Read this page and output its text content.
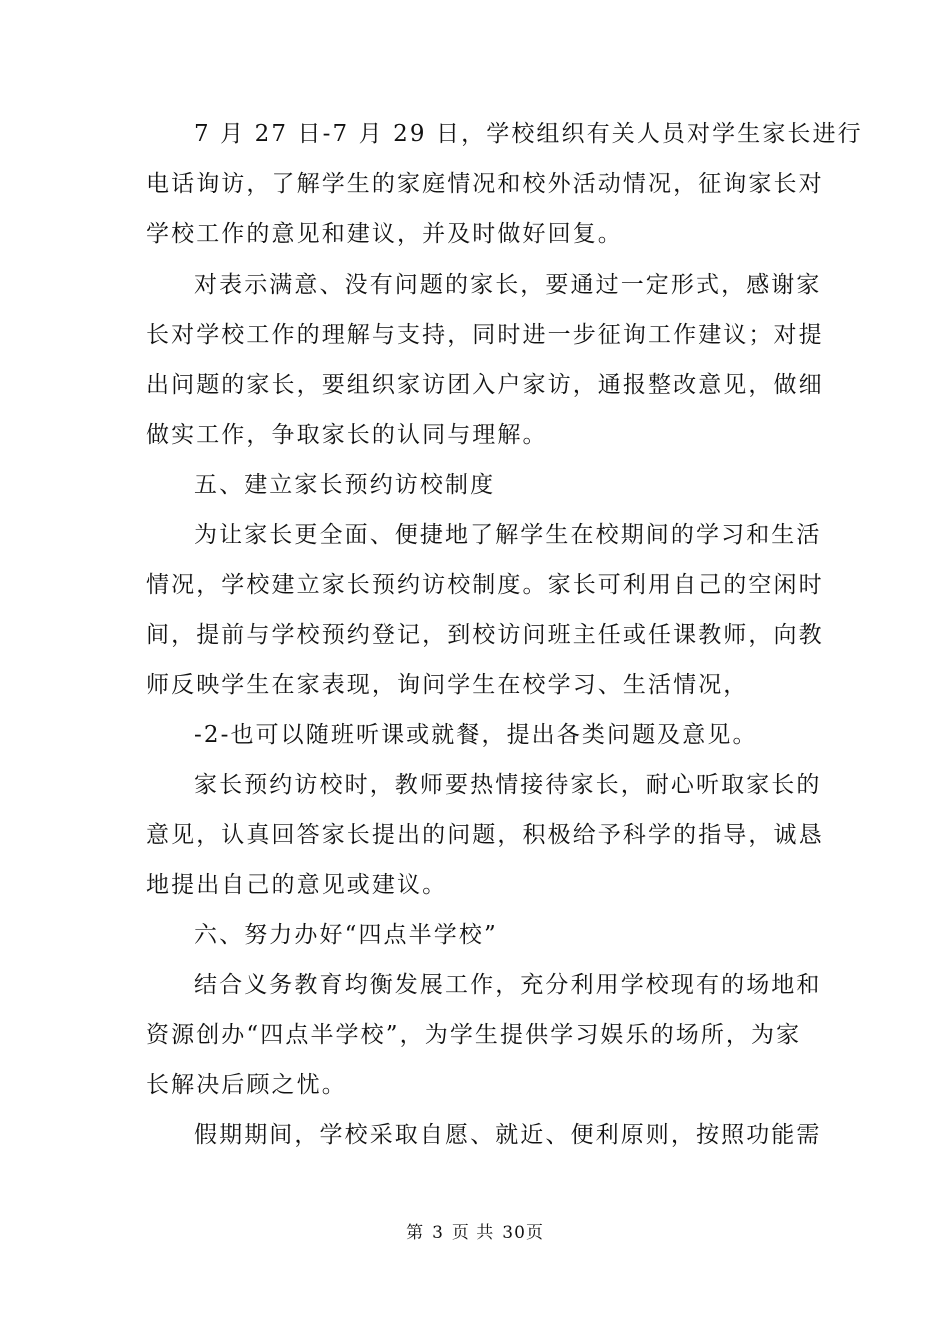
7 月 27 日-7 月 29 日，学校组织有关人员对学生家长进行
电话询访，了解学生的家庭情况和校外活动情况，征询家长对
学校工作的意见和建议，并及时做好回复。
对表示满意、没有问题的家长，要通过一定形式，感谢家
长对学校工作的理解与支持，同时进一步征询工作建议；对提
出问题的家长，要组织家访团入户家访，通报整改意见，做细
做实工作，争取家长的认同与理解。
五、建立家长预约访校制度
为让家长更全面、便捷地了解学生在校期间的学习和生活
情况，学校建立家长预约访校制度。家长可利用自己的空闲时
间，提前与学校预约登记，到校访问班主任或任课教师，向教
师反映学生在家表现，询问学生在校学习、生活情况，
-2-也可以随班听课或就餐，提出各类问题及意见。
家长预约访校时，教师要热情接待家长，耐心听取家长的
意见，认真回答家长提出的问题，积极给予科学的指导，诚恳
地提出自己的意见或建议。
六、努力办好“四点半学校”
结合义务教育均衡发展工作，充分利用学校现有的场地和
资源创办“四点半学校”，为学生提供学习娱乐的场所，为家
长解决后顾之忧。
假期期间，学校采取自愿、就近、便利原则，按照功能需
第 3 页 共 30页
